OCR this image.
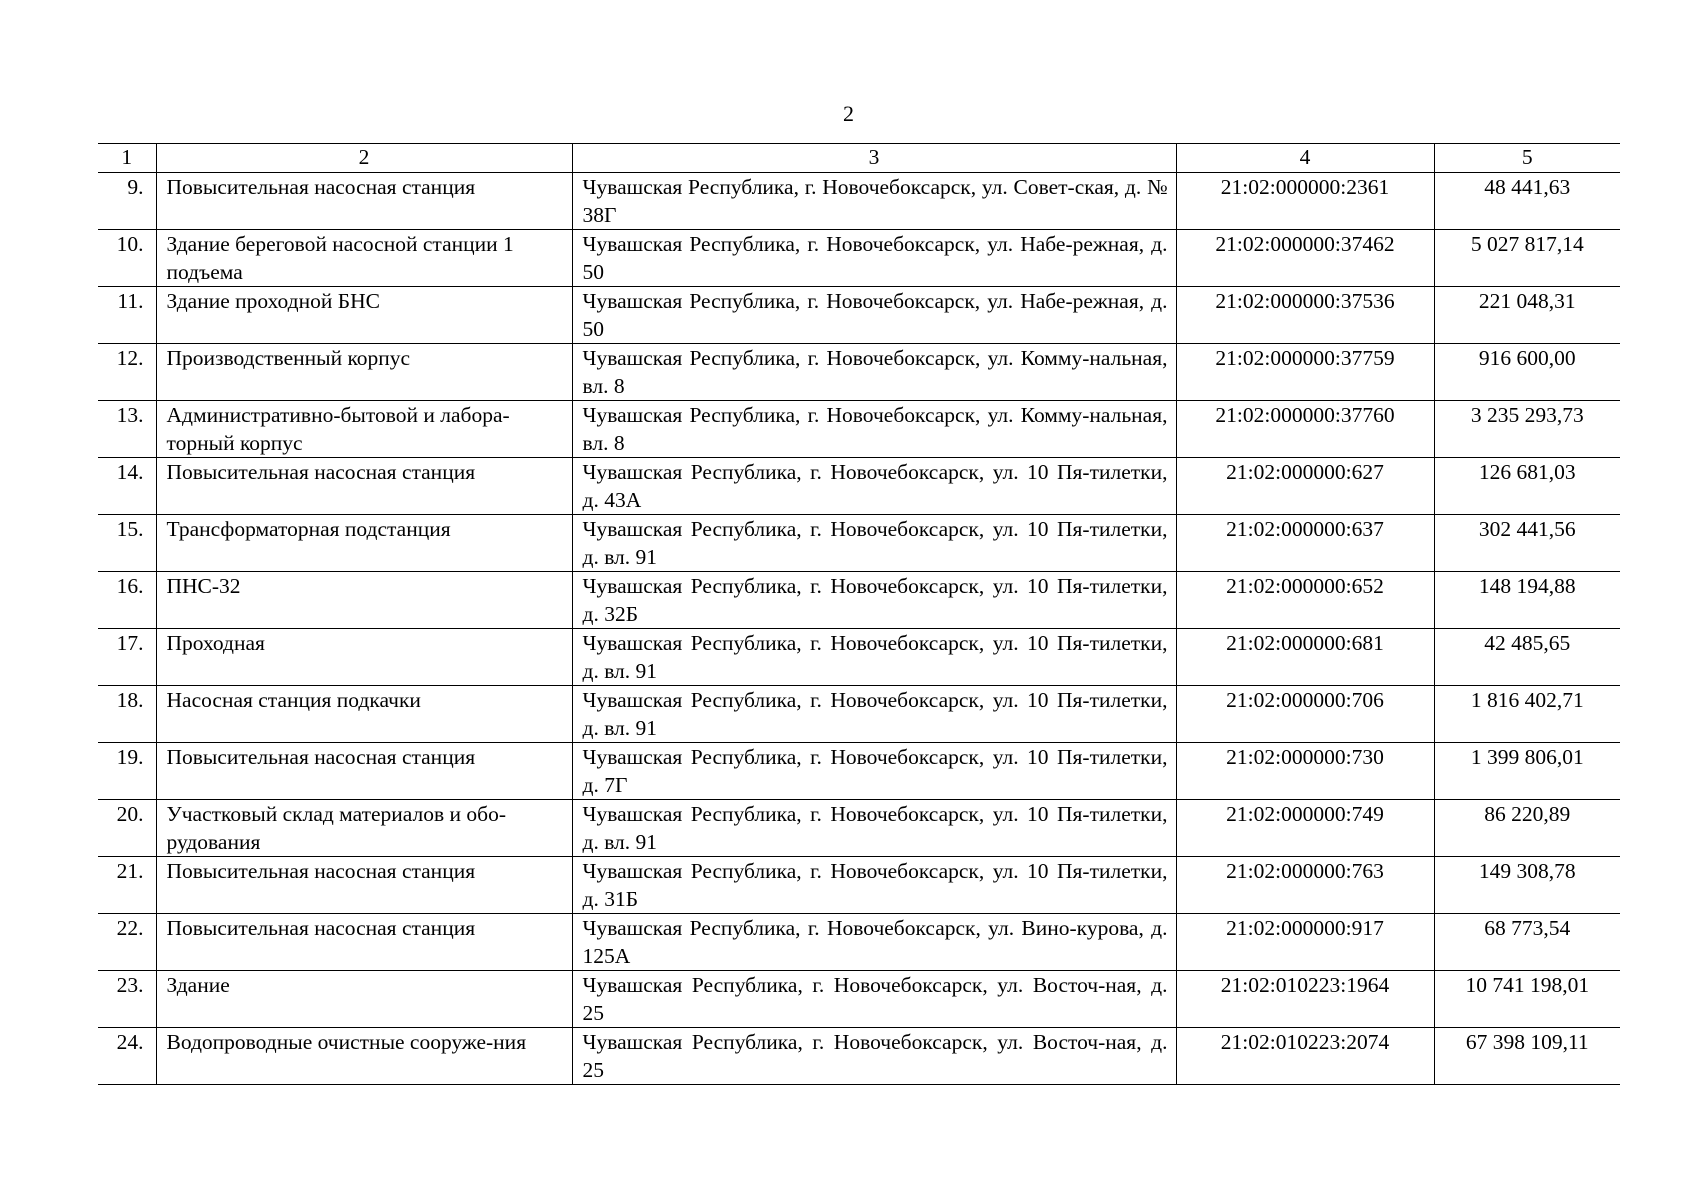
2
1	2	3	4	5
9.	Повысительная насосная станция	Чувашская Республика, г. Новочебоксарск, ул. Совет-ская, д. № 38Г	21:02:000000:2361	48 441,63
10.	Здание береговой насосной станции 1 подъема	Чувашская Республика, г. Новочебоксарск, ул. Набе-режная, д. 50	21:02:000000:37462	5 027 817,14
11.	Здание проходной БНС	Чувашская Республика, г. Новочебоксарск, ул. Набе-режная, д. 50	21:02:000000:37536	221 048,31
12.	Производственный корпус	Чувашская Республика, г. Новочебоксарск, ул. Комму-нальная, вл. 8	21:02:000000:37759	916 600,00
13.	Административно-бытовой и лабора-торный корпус	Чувашская Республика, г. Новочебоксарск, ул. Комму-нальная, вл. 8	21:02:000000:37760	3 235 293,73
14.	Повысительная насосная станция	Чувашская Республика, г. Новочебоксарск, ул. 10 Пя-тилетки, д. 43А	21:02:000000:627	126 681,03
15.	Трансформаторная подстанция	Чувашская Республика, г. Новочебоксарск, ул. 10 Пя-тилетки, д. вл. 91	21:02:000000:637	302 441,56
16.	ПНС-32	Чувашская Республика, г. Новочебоксарск, ул. 10 Пя-тилетки, д. 32Б	21:02:000000:652	148 194,88
17.	Проходная	Чувашская Республика, г. Новочебоксарск, ул. 10 Пя-тилетки, д. вл. 91	21:02:000000:681	42 485,65
18.	Насосная станция подкачки	Чувашская Республика, г. Новочебоксарск, ул. 10 Пя-тилетки, д. вл. 91	21:02:000000:706	1 816 402,71
19.	Повысительная насосная станция	Чувашская Республика, г. Новочебоксарск, ул. 10 Пя-тилетки, д. 7Г	21:02:000000:730	1 399 806,01
20.	Участковый склад материалов и обо-рудования	Чувашская Республика, г. Новочебоксарск, ул. 10 Пя-тилетки, д. вл. 91	21:02:000000:749	86 220,89
21.	Повысительная насосная станция	Чувашская Республика, г. Новочебоксарск, ул. 10 Пя-тилетки, д. 31Б	21:02:000000:763	149 308,78
22.	Повысительная насосная станция	Чувашская Республика, г. Новочебоксарск, ул. Вино-курова, д. 125А	21:02:000000:917	68 773,54
23.	Здание	Чувашская Республика, г. Новочебоксарск, ул. Восточ-ная, д. 25	21:02:010223:1964	10 741 198,01
24.	Водопроводные очистные сооруже-ния	Чувашская Республика, г. Новочебоксарск, ул. Восточ-ная, д. 25	21:02:010223:2074	67 398 109,11
